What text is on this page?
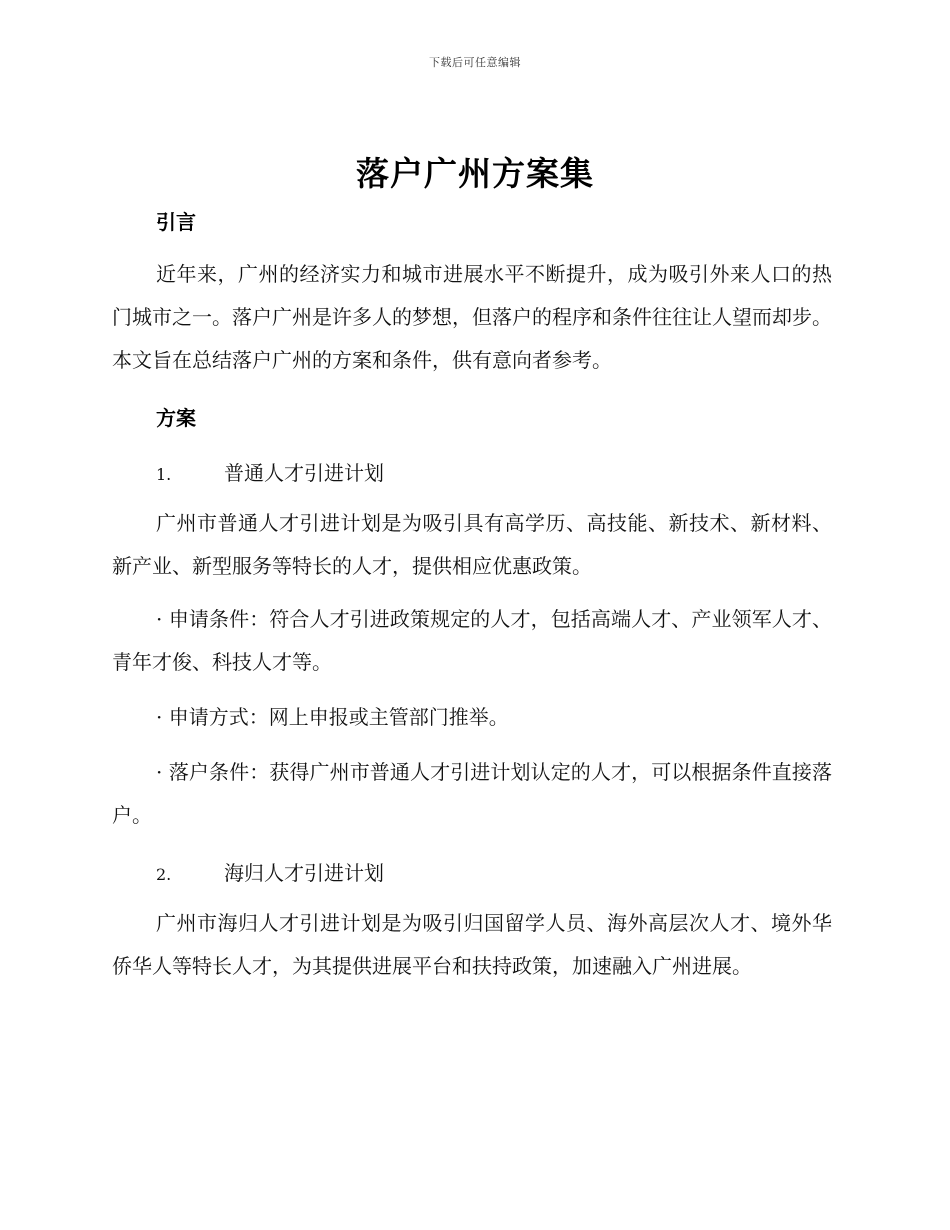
下载后可任意编辑
落户广州方案集
引言
近年来，广州的经济实力和城市进展水平不断提升，成为吸引外来人口的热门城市之一。落户广州是许多人的梦想，但落户的程序和条件往往让人望而却步。本文旨在总结落户广州的方案和条件，供有意向者参考。
方案
1.	普通人才引进计划
广州市普通人才引进计划是为吸引具有高学历、高技能、新技术、新材料、新产业、新型服务等特长的人才，提供相应优惠政策。
· 申请条件：符合人才引进政策规定的人才，包括高端人才、产业领军人才、青年才俊、科技人才等。
· 申请方式：网上申报或主管部门推举。
· 落户条件：获得广州市普通人才引进计划认定的人才，可以根据条件直接落户。
2.	海归人才引进计划
广州市海归人才引进计划是为吸引归国留学人员、海外高层次人才、境外华侨华人等特长人才，为其提供进展平台和扶持政策，加速融入广州进展。
